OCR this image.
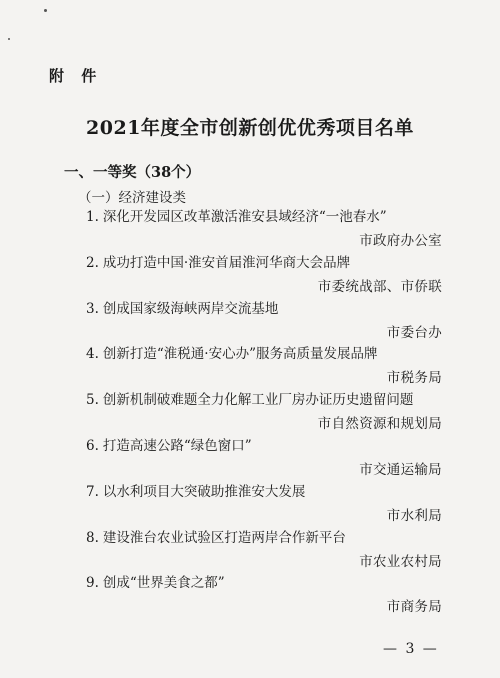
附 件
2021年度全市创新创优优秀项目名单
一、一等奖（38个）
（一）经济建设类
1. 深化开发园区改革激活淮安县域经济“一池春水”
市政府办公室
2. 成功打造中国·淮安首届淮河华商大会品牌
市委统战部、市侨联
3. 创成国家级海峡两岸交流基地
市委台办
4. 创新打造“淮税通·安心办”服务高质量发展品牌
市税务局
5. 创新机制破难题全力化解工业厂房办证历史遗留问题
市自然资源和规划局
6. 打造高速公路“绿色窗口”
市交通运输局
7. 以水利项目大突破助推淮安大发展
市水利局
8. 建设淮台农业试验区打造两岸合作新平台
市农业农村局
9. 创成“世界美食之都”
市商务局
— 3 —
